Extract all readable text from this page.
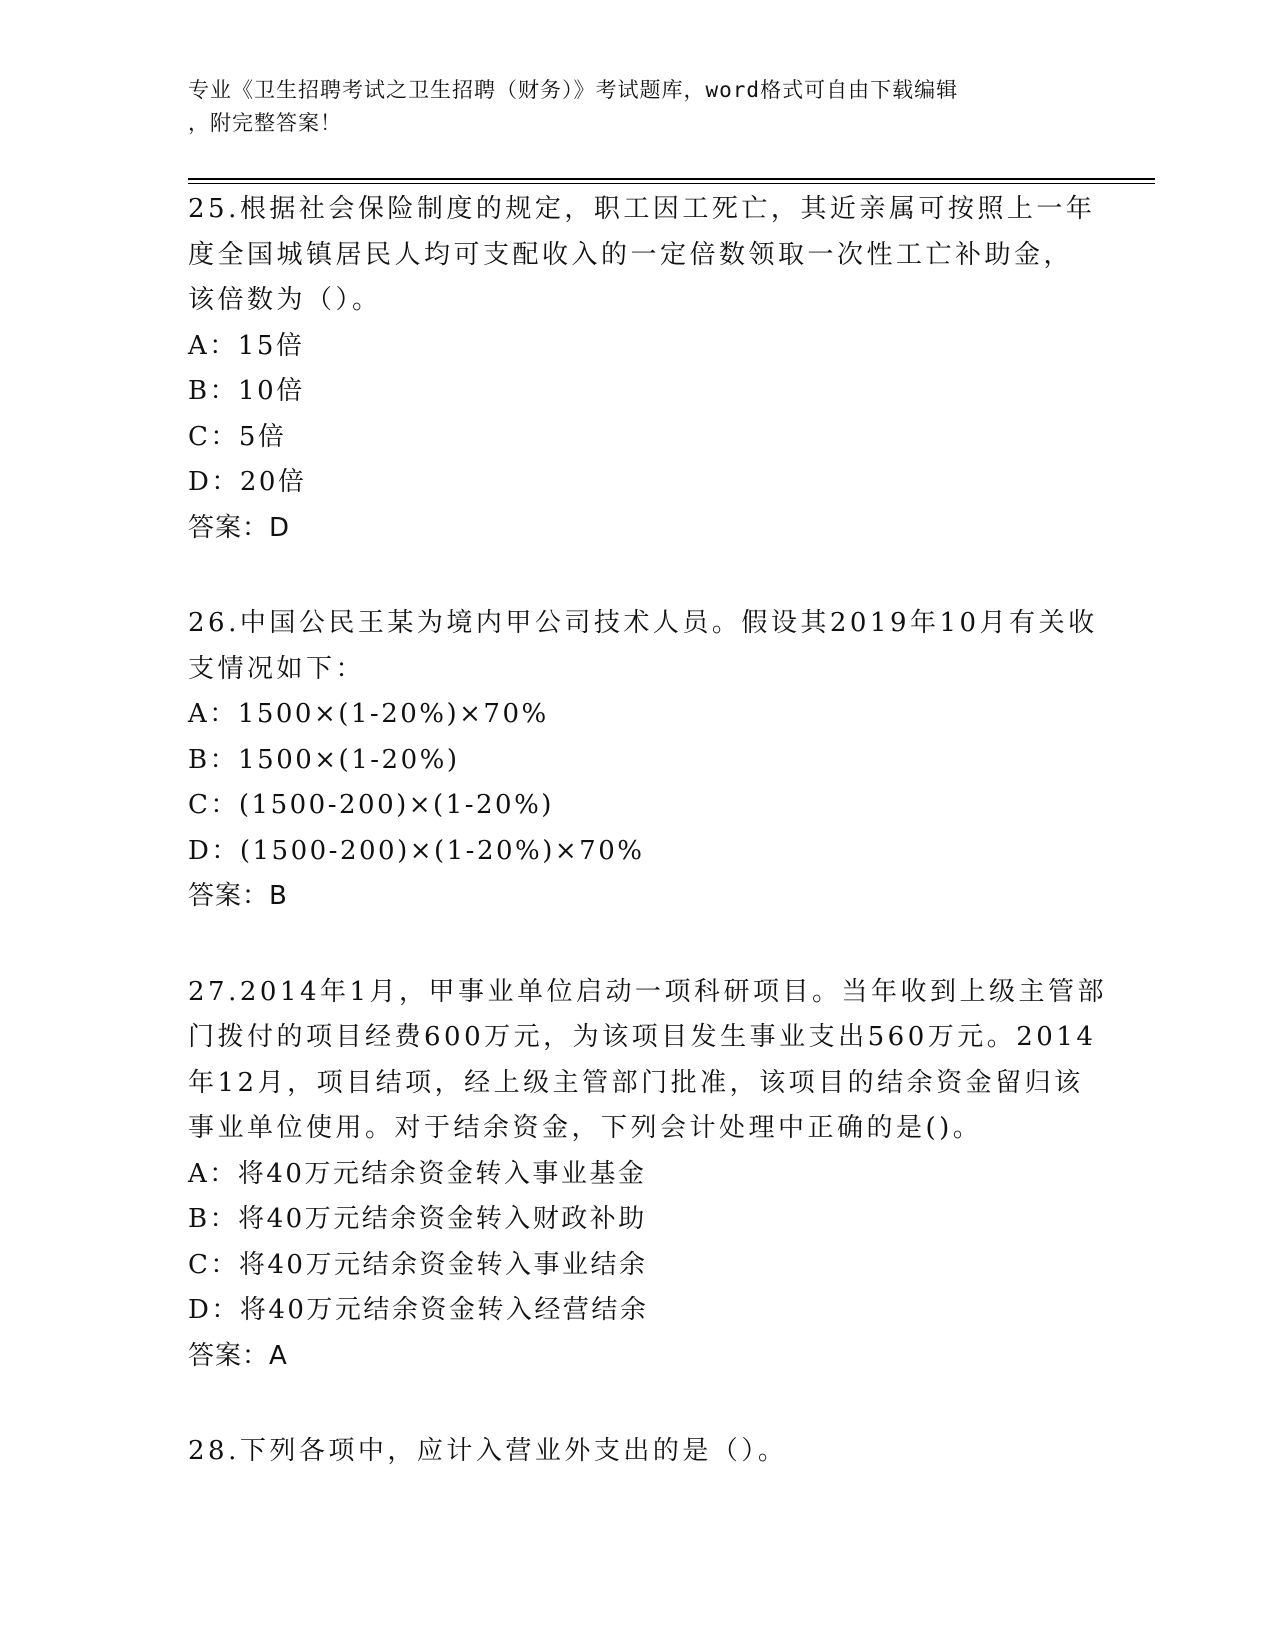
专业《卫生招聘考试之卫生招聘（财务）》考试题库，word格式可自由下载编辑
，附完整答案！
25.根据社会保险制度的规定，职工因工死亡，其近亲属可按照上一年
度全国城镇居民人均可支配收入的一定倍数领取一次性工亡补助金，
该倍数为（）。
A：15倍
B：10倍
C：5倍
D：20倍
答案：D
26.中国公民王某为境内甲公司技术人员。假设其2019年10月有关收
支情况如下：
A：1500×(1-20%)×70%
B：1500×(1-20%)
C：(1500-200)×(1-20%)
D：(1500-200)×(1-20%)×70%
答案：B
27.2014年1月，甲事业单位启动一项科研项目。当年收到上级主管部
门拨付的项目经费600万元，为该项目发生事业支出560万元。2014
年12月，项目结项，经上级主管部门批准，该项目的结余资金留归该
事业单位使用。对于结余资金，下列会计处理中正确的是()。
A：将40万元结余资金转入事业基金
B：将40万元结余资金转入财政补助
C：将40万元结余资金转入事业结余
D：将40万元结余资金转入经营结余
答案：A
28.下列各项中，应计入营业外支出的是（）。
